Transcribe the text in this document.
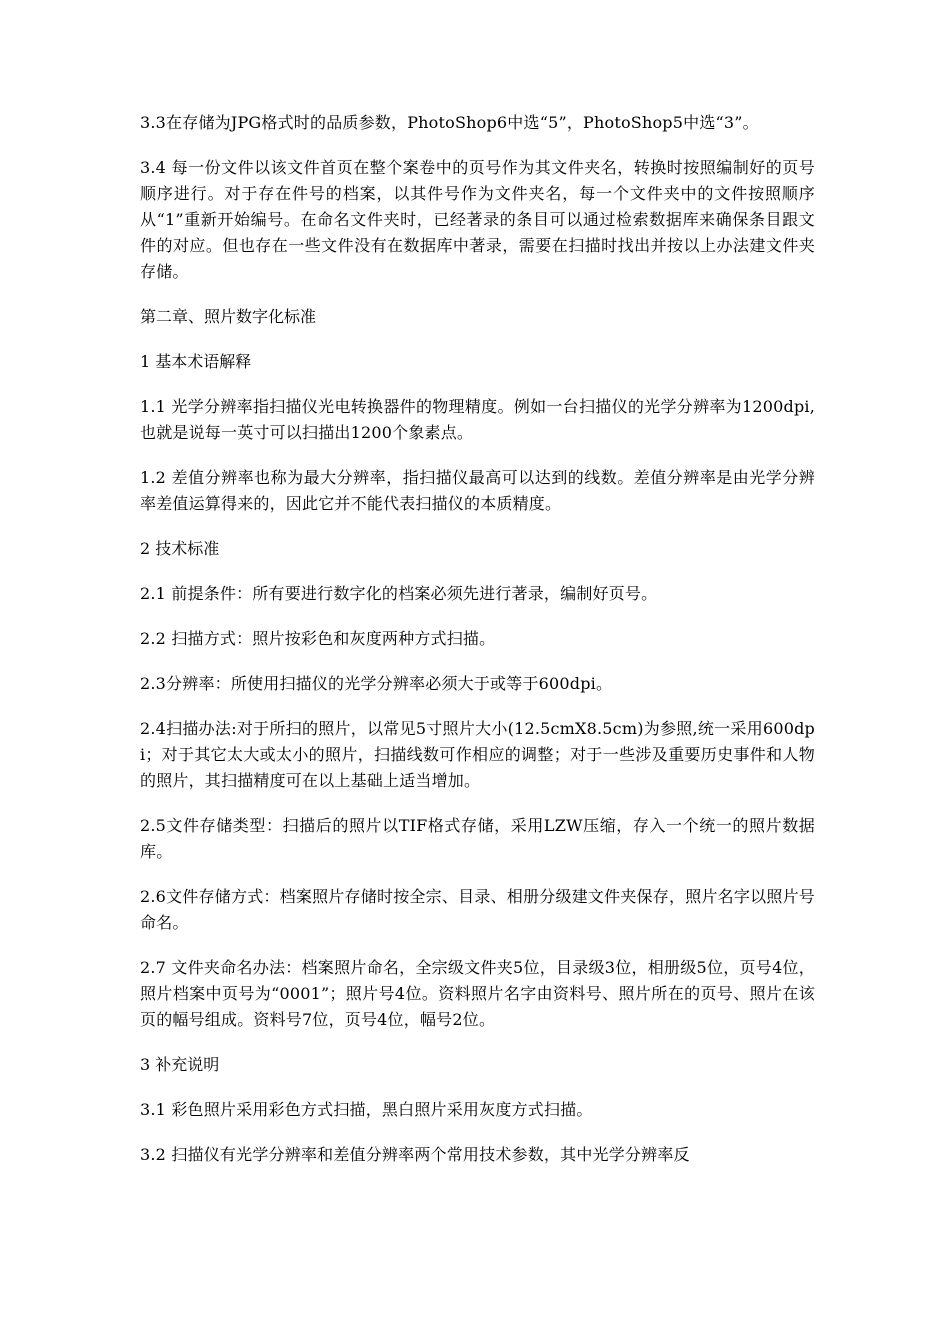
3.3在存储为JPG格式时的品质参数，PhotoShop6中选“5”，PhotoShop5中选“3”。

3.4 每一份文件以该文件首页在整个案卷中的页号作为其文件夹名，转换时按照编制好的页号顺序进行。对于存在件号的档案，以其件号作为文件夹名，每一个文件夹中的文件按照顺序从“1”重新开始编号。在命名文件夹时，已经著录的条目可以通过检索数据库来确保条目跟文件的对应。但也存在一些文件没有在数据库中著录，需要在扫描时找出并按以上办法建文件夹存储。

第二章、照片数字化标准

1 基本术语解释

1.1 光学分辨率指扫描仪光电转换器件的物理精度。例如一台扫描仪的光学分辨率为1200dpi,也就是说每一英寸可以扫描出1200个象素点。

1.2 差值分辨率也称为最大分辨率，指扫描仪最高可以达到的线数。差值分辨率是由光学分辨率差值运算得来的，因此它并不能代表扫描仪的本质精度。

2 技术标准

2.1 前提条件：所有要进行数字化的档案必须先进行著录，编制好页号。

2.2 扫描方式：照片按彩色和灰度两种方式扫描。

2.3分辨率：所使用扫描仪的光学分辨率必须大于或等于600dpi。

2.4扫描办法:对于所扫的照片，以常见5寸照片大小(12.5cmX8.5cm)为参照,统一采用600dpi；对于其它太大或太小的照片，扫描线数可作相应的调整；对于一些涉及重要历史事件和人物的照片，其扫描精度可在以上基础上适当增加。

2.5文件存储类型：扫描后的照片以TIF格式存储，采用LZW压缩，存入一个统一的照片数据库。

2.6文件存储方式：档案照片存储时按全宗、目录、相册分级建文件夹保存，照片名字以照片号命名。

2.7 文件夹命名办法：档案照片命名，全宗级文件夹5位，目录级3位，相册级5位，页号4位，照片档案中页号为“0001”；照片号4位。资料照片名字由资料号、照片所在的页号、照片在该页的幅号组成。资料号7位，页号4位，幅号2位。

3 补充说明

3.1 彩色照片采用彩色方式扫描，黑白照片采用灰度方式扫描。

3.2 扫描仪有光学分辨率和差值分辨率两个常用技术参数，其中光学分辨率反
